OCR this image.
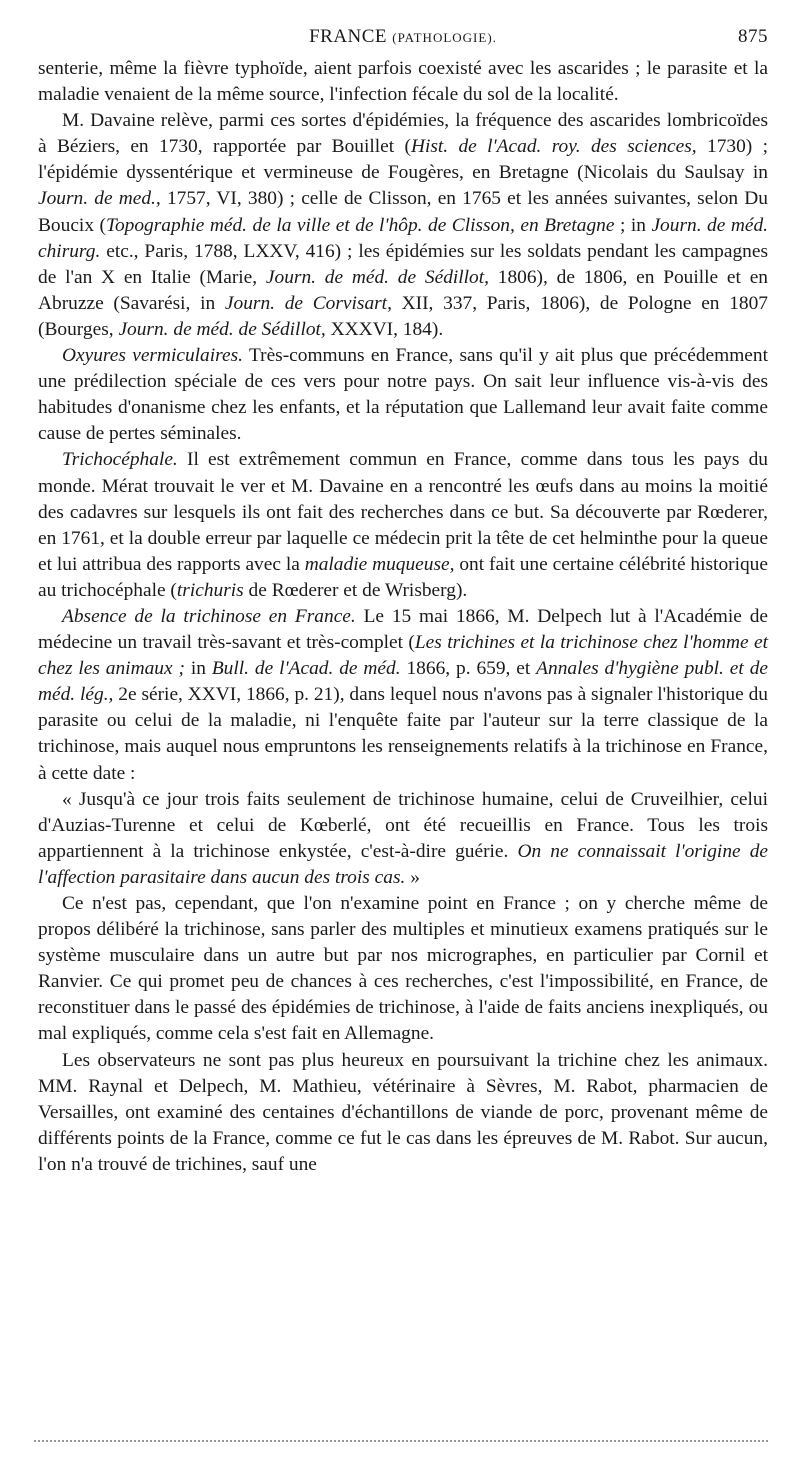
FRANCE (PATHOLOGIE).	875

senterie, même la fièvre typhoïde, aient parfois coexisté avec les ascarides ; le parasite et la maladie venaient de la même source, l'infection fécale du sol de la localité.

M. Davaine relève, parmi ces sortes d'épidémies, la fréquence des ascarides lombricoïdes à Béziers, en 1730, rapportée par Bouillet (Hist. de l'Acad. roy. des sciences, 1730) ; l'épidémie dyssentérique et vermineuse de Fougères, en Bretagne (Nicolais du Saulsay in Journ. de med., 1757, VI, 380) ; celle de Clisson, en 1765 et les années suivantes, selon Du Boucix (Topographie méd. de la ville et de l'hôp. de Clisson, en Bretagne ; in Journ. de méd. chirurg. etc., Paris, 1788, LXXV, 416) ; les épidémies sur les soldats pendant les campagnes de l'an X en Italie (Marie, Journ. de méd. de Sédillot, 1806), de 1806, en Pouille et en Abruzze (Savarési, in Journ. de Corvisart, XII, 337, Paris, 1806), de Pologne en 1807 (Bourges, Journ. de méd. de Sédillot, XXXVI, 184).

Oxyures vermiculaires. Très-communs en France, sans qu'il y ait plus que précédemment une prédilection spéciale de ces vers pour notre pays. On sait leur influence vis-à-vis des habitudes d'onanisme chez les enfants, et la réputation que Lallemand leur avait faite comme cause de pertes séminales.

Trichocéphale. Il est extrêmement commun en France, comme dans tous les pays du monde. Mérat trouvait le ver et M. Davaine en a rencontré les œufs dans au moins la moitié des cadavres sur lesquels ils ont fait des recherches dans ce but. Sa découverte par Rœderer, en 1761, et la double erreur par laquelle ce médecin prit la tête de cet helminthe pour la queue et lui attribua des rapports avec la maladie muqueuse, ont fait une certaine célébrité historique au trichocéphale (trichuris de Rœderer et de Wrisberg).

Absence de la trichinose en France. Le 15 mai 1866, M. Delpech lut à l'Académie de médecine un travail très-savant et très-complet (Les trichines et la trichinose chez l'homme et chez les animaux ; in Bull. de l'Acad. de méd. 1866, p. 659, et Annales d'hygiène publ. et de méd. lég., 2e série, XXVI, 1866, p. 21), dans lequel nous n'avons pas à signaler l'historique du parasite ou celui de la maladie, ni l'enquête faite par l'auteur sur la terre classique de la trichinose, mais auquel nous empruntons les renseignements relatifs à la trichinose en France, à cette date :

« Jusqu'à ce jour trois faits seulement de trichinose humaine, celui de Cruveilhier, celui d'Auzias-Turenne et celui de Kœberlé, ont été recueillis en France. Tous les trois appartiennent à la trichinose enkystée, c'est-à-dire guérie. On ne connaissait l'origine de l'affection parasitaire dans aucun des trois cas. »

Ce n'est pas, cependant, que l'on n'examine point en France ; on y cherche même de propos délibéré la trichinose, sans parler des multiples et minutieux examens pratiqués sur le système musculaire dans un autre but par nos micrographes, en particulier par Cornil et Ranvier. Ce qui promet peu de chances à ces recherches, c'est l'impossibilité, en France, de reconstituer dans le passé des épidémies de trichinose, à l'aide de faits anciens inexpliqués, ou mal expliqués, comme cela s'est fait en Allemagne.

Les observateurs ne sont pas plus heureux en poursuivant la trichine chez les animaux. MM. Raynal et Delpech, M. Mathieu, vétérinaire à Sèvres, M. Rabot, pharmacien de Versailles, ont examiné des centaines d'échantillons de viande de porc, provenant même de différents points de la France, comme ce fut le cas dans les épreuves de M. Rabot. Sur aucun, l'on n'a trouvé de trichines, sauf une
